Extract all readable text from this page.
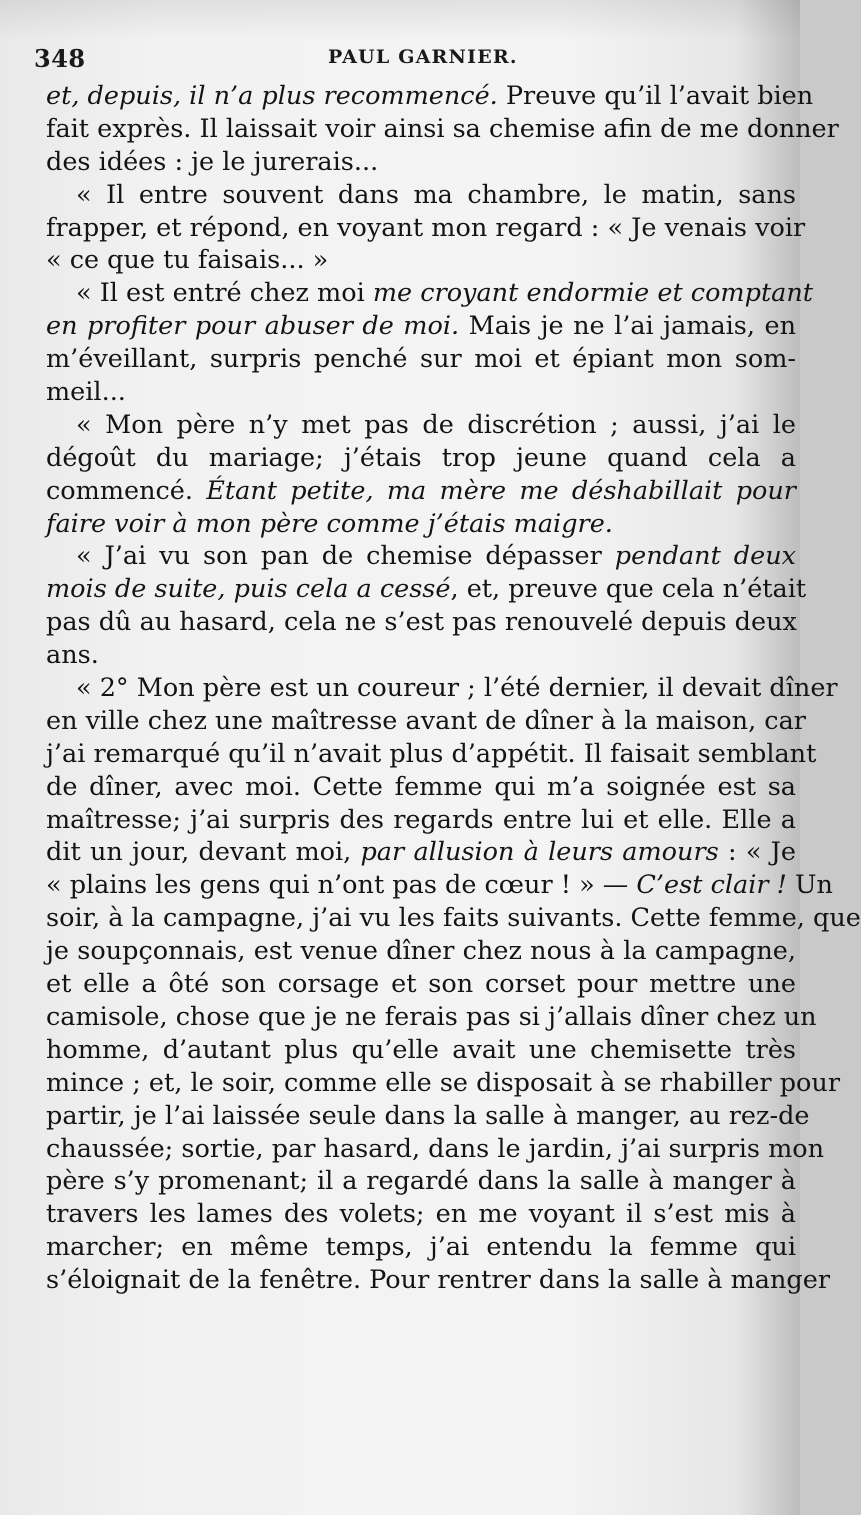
348	PAUL GARNIER.
et, depuis, il n’a plus recommencé. Preuve qu’il l’avait bien
fait exprès. Il laissait voir ainsi sa chemise afin de me donner
des idées : je le jurerais...
« Il entre souvent dans ma chambre, le matin, sans
frapper, et répond, en voyant mon regard : « Je venais voir
« ce que tu faisais... »
« Il est entré chez moi me croyant endormie et comptant
en profiter pour abuser de moi. Mais je ne l’ai jamais, en
m’éveillant, surpris penché sur moi et épiant mon som-
meil...
« Mon père n’y met pas de discrétion ; aussi, j’ai le
dégoût du mariage; j’étais trop jeune quand cela a
commencé. Étant petite, ma mère me déshabillait pour
faire voir à mon père comme j’étais maigre.
« J’ai vu son pan de chemise dépasser pendant deux
mois de suite, puis cela a cessé, et, preuve que cela n’était
pas dû au hasard, cela ne s’est pas renouvelé depuis deux
ans.
« 2° Mon père est un coureur ; l’été dernier, il devait dîner
en ville chez une maîtresse avant de dîner à la maison, car
j’ai remarqué qu’il n’avait plus d’appétit. Il faisait semblant
de dîner, avec moi. Cette femme qui m’a soignée est sa
maîtresse; j’ai surpris des regards entre lui et elle. Elle a
dit un jour, devant moi, par allusion à leurs amours : « Je
« plains les gens qui n’ont pas de cœur ! » — C’est clair ! Un
soir, à la campagne, j’ai vu les faits suivants. Cette femme, que
je soupçonnais, est venue dîner chez nous à la campagne,
et elle a ôté son corsage et son corset pour mettre une
camisole, chose que je ne ferais pas si j’allais dîner chez un
homme, d’autant plus qu’elle avait une chemisette très
mince ; et, le soir, comme elle se disposait à se rhabiller pour
partir, je l’ai laissée seule dans la salle à manger, au rez-de
chaussée; sortie, par hasard, dans le jardin, j’ai surpris mon
père s’y promenant; il a regardé dans la salle à manger à
travers les lames des volets; en me voyant il s’est mis à
marcher; en même temps, j’ai entendu la femme qui
s’éloignait de la fenêtre. Pour rentrer dans la salle à manger
